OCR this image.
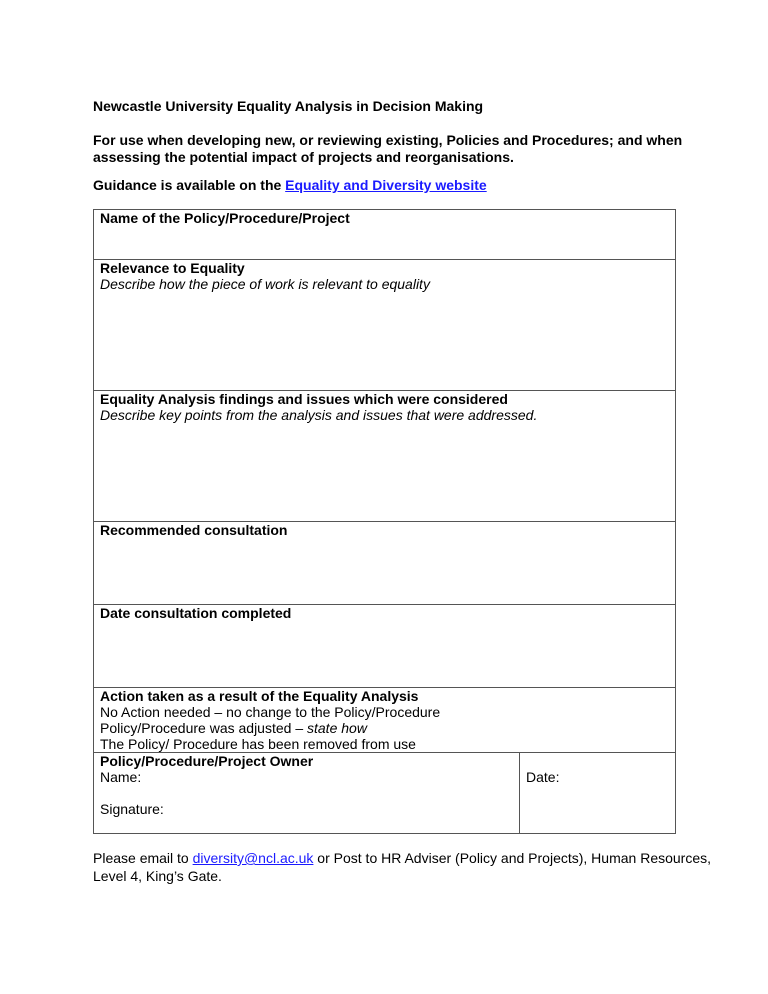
Newcastle University Equality Analysis in Decision Making
For use when developing new, or reviewing existing, Policies and Procedures; and when assessing the potential impact of projects and reorganisations.
Guidance is available on the Equality and Diversity website
Name of the Policy/Procedure/Project

Relevance to Equality
Describe how the piece of work is relevant to equality

Equality Analysis findings and issues which were considered
Describe key points from the analysis and issues that were addressed.

Recommended consultation

Date consultation completed

Action taken as a result of the Equality Analysis
No Action needed – no change to the Policy/Procedure
Policy/Procedure was adjusted – state how
The Policy/ Procedure has been removed from use

Policy/Procedure/Project Owner
Name:
Signature:

Date:
Please email to diversity@ncl.ac.uk or Post to HR Adviser (Policy and Projects), Human Resources, Level 4, King’s Gate.
